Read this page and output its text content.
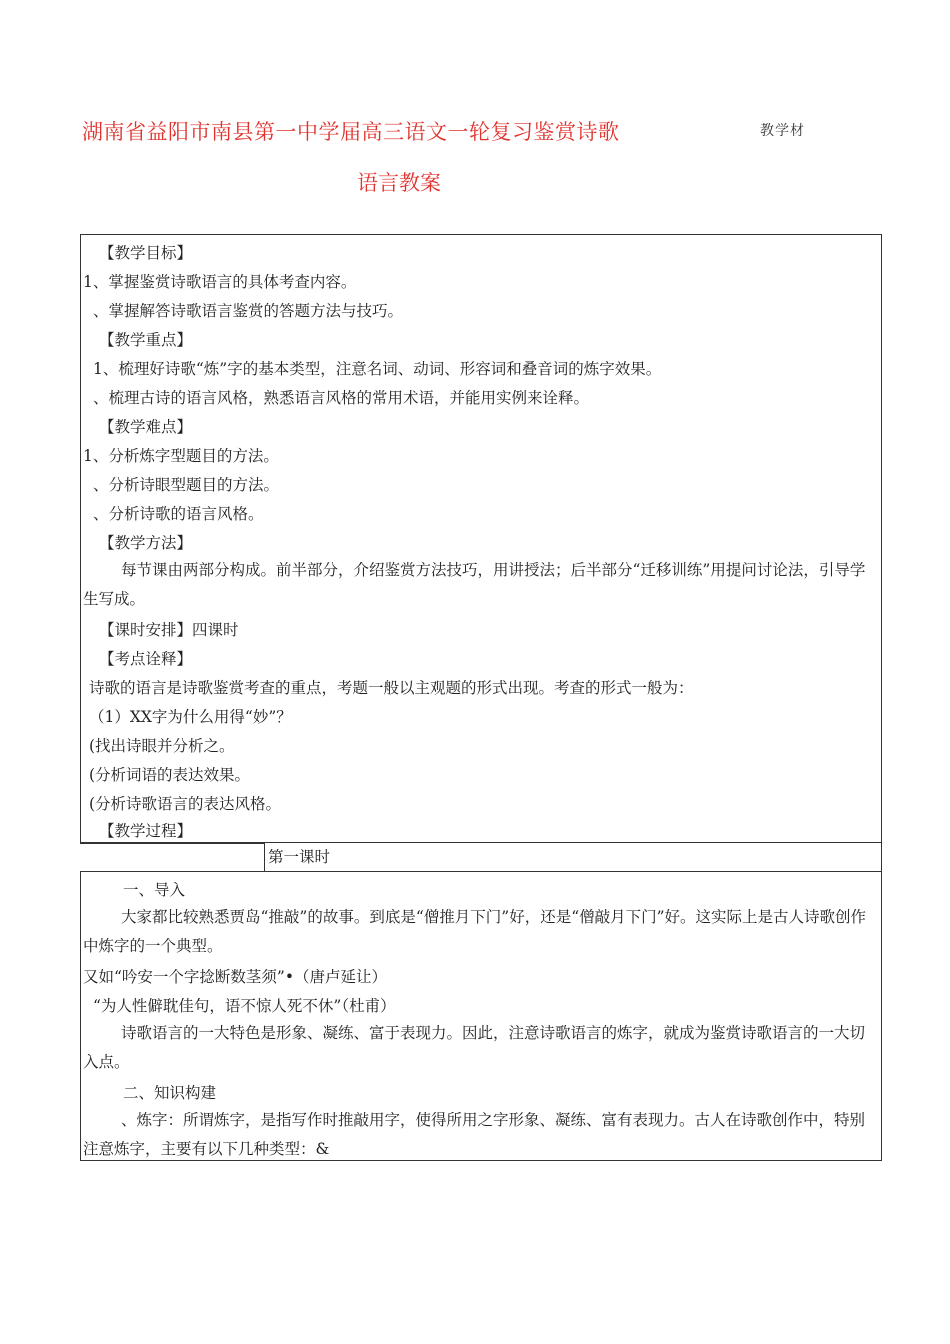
湖南省益阳市南县第一中学届高三语文一轮复习鉴赏诗歌
语言教案
教学材
【教学目标】
1、掌握鉴赏诗歌语言的具体考查内容。
、掌握解答诗歌语言鉴赏的答题方法与技巧。
【教学重点】
1、梳理好诗歌“炼”字的基本类型，注意名词、动词、形容词和叠音词的炼字效果。
、梳理古诗的语言风格，熟悉语言风格的常用术语，并能用实例来诠释。
【教学难点】
1、分析炼字型题目的方法。
、分析诗眼型题目的方法。
、分析诗歌的语言风格。
【教学方法】
每节课由两部分构成。前半部分，介绍鉴赏方法技巧，用讲授法；后半部分“迁移训练”用提问讨论法，引导学生写成。
【课时安排】四课时
【考点诠释】
诗歌的语言是诗歌鉴赏考查的重点，考题一般以主观题的形式出现。考查的形式一般为：
（1）XX字为什么用得“妙”？
(找出诗眼并分析之。
(分析词语的表达效果。
(分析诗歌语言的表达风格。
【教学过程】
第一课时
一、导入
大家都比较熟悉贾岛“推敲”的故事。到底是“僧推月下门”好，还是“僧敲月下门”好。这实际上是古人诗歌创作中炼字的一个典型。
又如“吟安一个字捻断数茎须”•（唐卢延让）
“为人性僻耽佳句，语不惊人死不休”（杜甫）
诗歌语言的一大特色是形象、凝练、富于表现力。因此，注意诗歌语言的炼字，就成为鉴赏诗歌语言的一大切入点。
二、知识构建
、炼字：所谓炼字，是指写作时推敲用字，使得所用之字形象、凝练、富有表现力。古人在诗歌创作中，特别注意炼字，主要有以下几种类型：&
